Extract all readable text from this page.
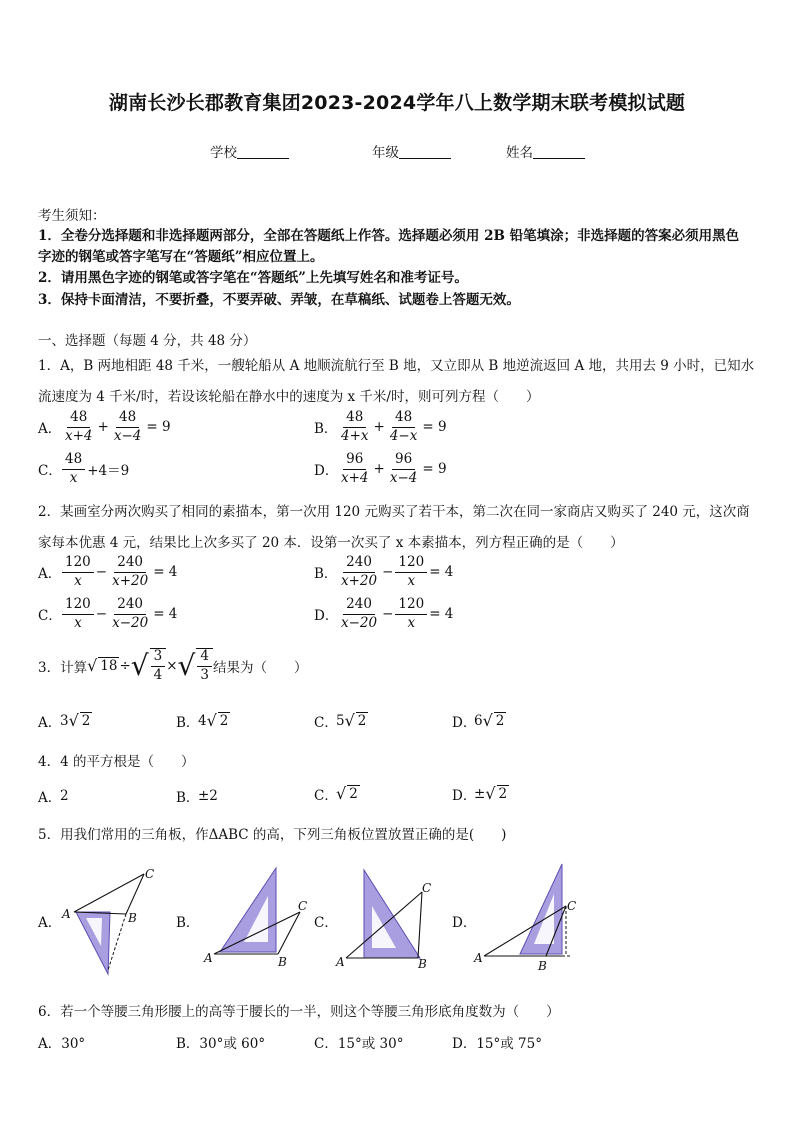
湖南长沙长郡教育集团2023-2024学年八上数学期末联考模拟试题
学校	年级	姓名
考生须知：
1．全卷分选择题和非选择题两部分，全部在答题纸上作答。选择题必须用 2B 铅笔填涂；非选择题的答案必须用黑色
字迹的钢笔或答字笔写在“答题纸”相应位置上。
2．请用黑色字迹的钢笔或答字笔在“答题纸”上先填写姓名和准考证号。
3．保持卡面清洁，不要折叠，不要弄破、弄皱，在草稿纸、试题卷上答题无效。
一、选择题（每题 4 分，共 48 分）
1．A，B 两地相距 48 千米，一艘轮船从 A 地顺流航行至 B 地，又立即从 B 地逆流返回 A 地，共用去 9 小时，已知水
流速度为 4 千米/时，若设该轮船在静水中的速度为 x 千米/时，则可列方程（　　）
A． $\frac{48}{x+4} + \frac{48}{x-4} = 9$	B． $\frac{48}{4+x} + \frac{48}{4-x} = 9$
C． $\frac{48}{x} +4=9$	D． $\frac{96}{x+4} + \frac{96}{x-4} = 9$
2．某画室分两次购买了相同的素描本，第一次用 120 元购买了若干本，第二次在同一家商店又购买了 240 元，这次商
家每本优惠 4 元，结果比上次多买了 20 本．设第一次买了 x 本素描本，列方程正确的是（　　）
A． $\frac{120}{x} - \frac{240}{x+20} = 4$	B． $\frac{240}{x+20} - \frac{120}{x} = 4$
C． $\frac{120}{x} - \frac{240}{x-20} = 4$	D． $\frac{240}{x-20} - \frac{120}{x} = 4$
3．计算 √ 18 ÷ √ $\frac{3}{4}$ × √ $\frac{4}{3}$ 结果为（　　）
A．
3 √ 2	B．
4 √ 2	C．
5 √ 2	D．
6 √ 2
4．4 的平方根是（　　）
A．
2	B．
±2	C．
√ 2	D．
± √ 2
5．用我们常用的三角板，作ΔABC 的高，下列三角板位置放置正确的是(　　)
A．	B．	C．	D．
A	B
C
A	B
C
A	B
C
A
B
C
6．若一个等腰三角形腰上的高等于腰长的一半，则这个等腰三角形底角度数为（　　）
A．30°	B．30°或 60°	C．15°或 30°	D．15°或 75°
